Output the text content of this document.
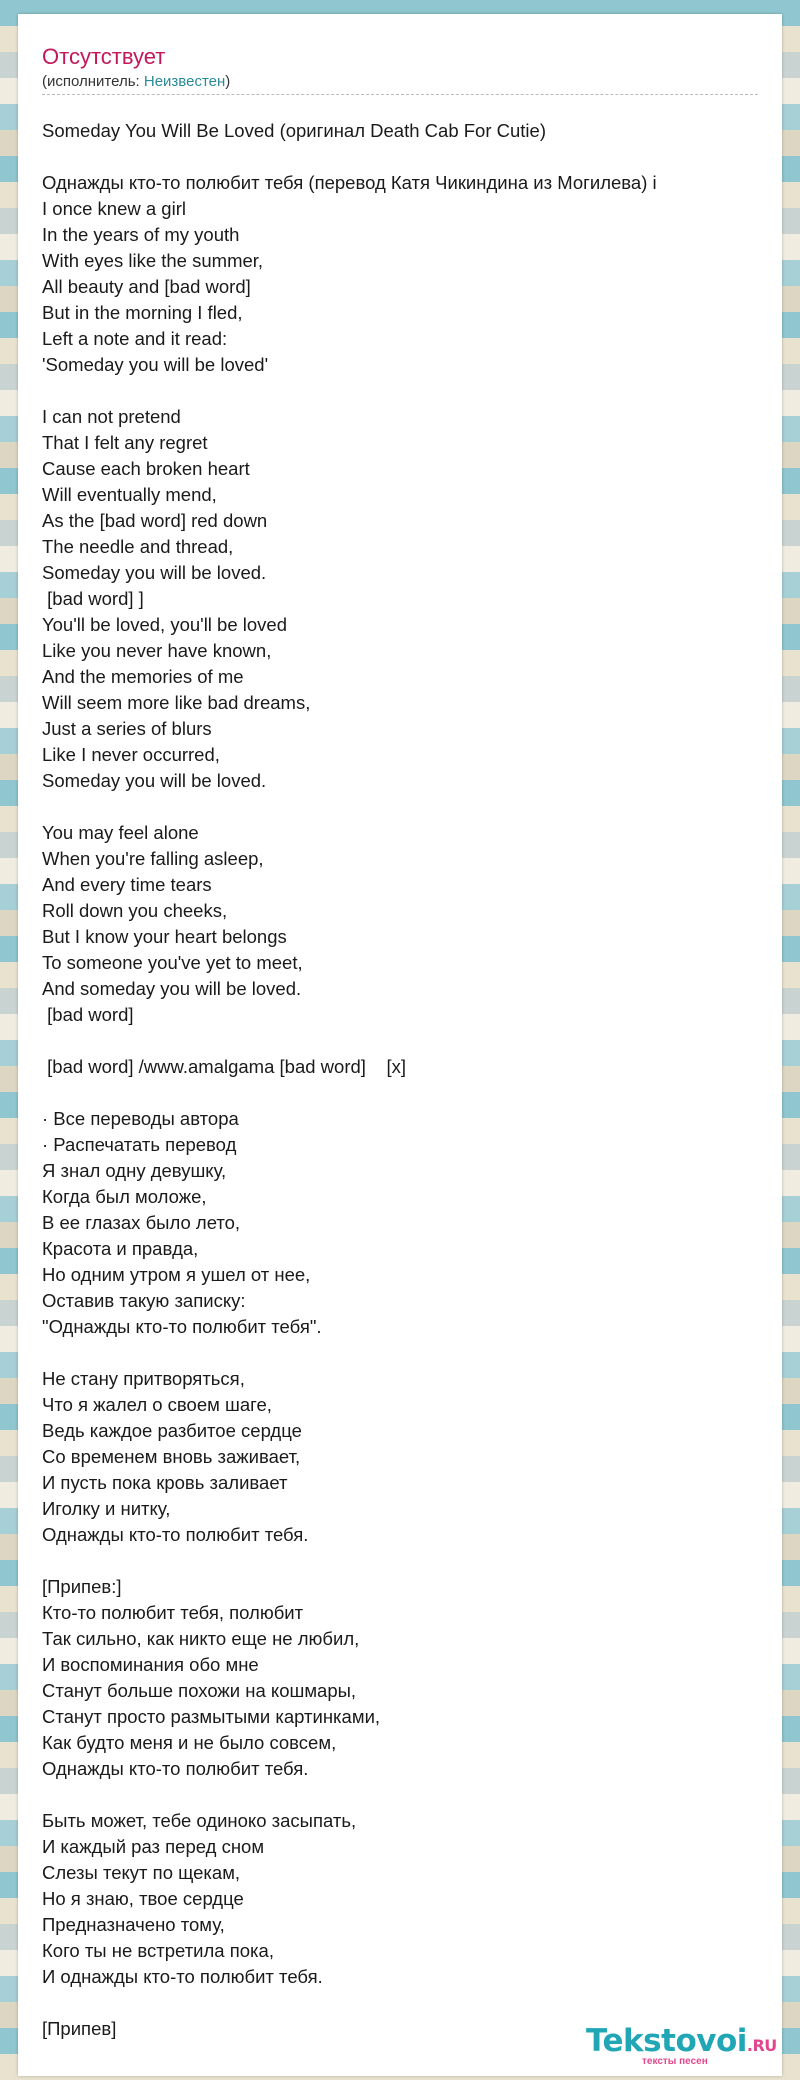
Отсутствует
(исполнитель: Неизвестен)
Someday You Will Be Loved (оригинал Death Cab For Cutie)
Однажды кто-то полюбит тебя (перевод Катя Чикиндина из Могилева) i
I once knew a girl
In the years of my youth
With eyes like the summer,
All beauty and [bad word]
But in the morning I fled,
Left a note and it read:
'Someday you will be loved'
I can not pretend
That I felt any regret
Cause each broken heart
Will eventually mend,
As the [bad word] red down
The needle and thread,
Someday you will be loved.
[bad word] ]
You'll be loved, you'll be loved
Like you never have known,
And the memories of me
Will seem more like bad dreams,
Just a series of blurs
Like I never occurred,
Someday you will be loved.
You may feel alone
When you're falling asleep,
And every time tears
Roll down you cheeks,
But I know your heart belongs
To someone you've yet to meet,
And someday you will be loved.
[bad word]
[bad word] /www.amalgama [bad word]    [x]
· Все переводы автора
· Распечатать перевод
Я знал одну девушку,
Когда был моложе,
В ее глазах было лето,
Красота и правда,
Но одним утром я ушел от нее,
Оставив такую записку:
"Однажды кто-то полюбит тебя".
Не стану притворяться,
Что я жалел о своем шаге,
Ведь каждое разбитое сердце
Со временем вновь заживает,
И пусть пока кровь заливает
Иголку и нитку,
Однажды кто-то полюбит тебя.
[Припев:]
Кто-то полюбит тебя, полюбит
Так сильно, как никто еще не любил,
И воспоминания обо мне
Станут больше похожи на кошмары,
Станут просто размытыми картинками,
Как будто меня и не было совсем,
Однажды кто-то полюбит тебя.
Быть может, тебе одиноко засыпать,
И каждый раз перед сном
Слезы текут по щекам,
Но я знаю, твое сердце
Предназначено тому,
Кого ты не встретила пока,
И однажды кто-то полюбит тебя.
[Припев]	Tekstovoi.RU
тексты песен
